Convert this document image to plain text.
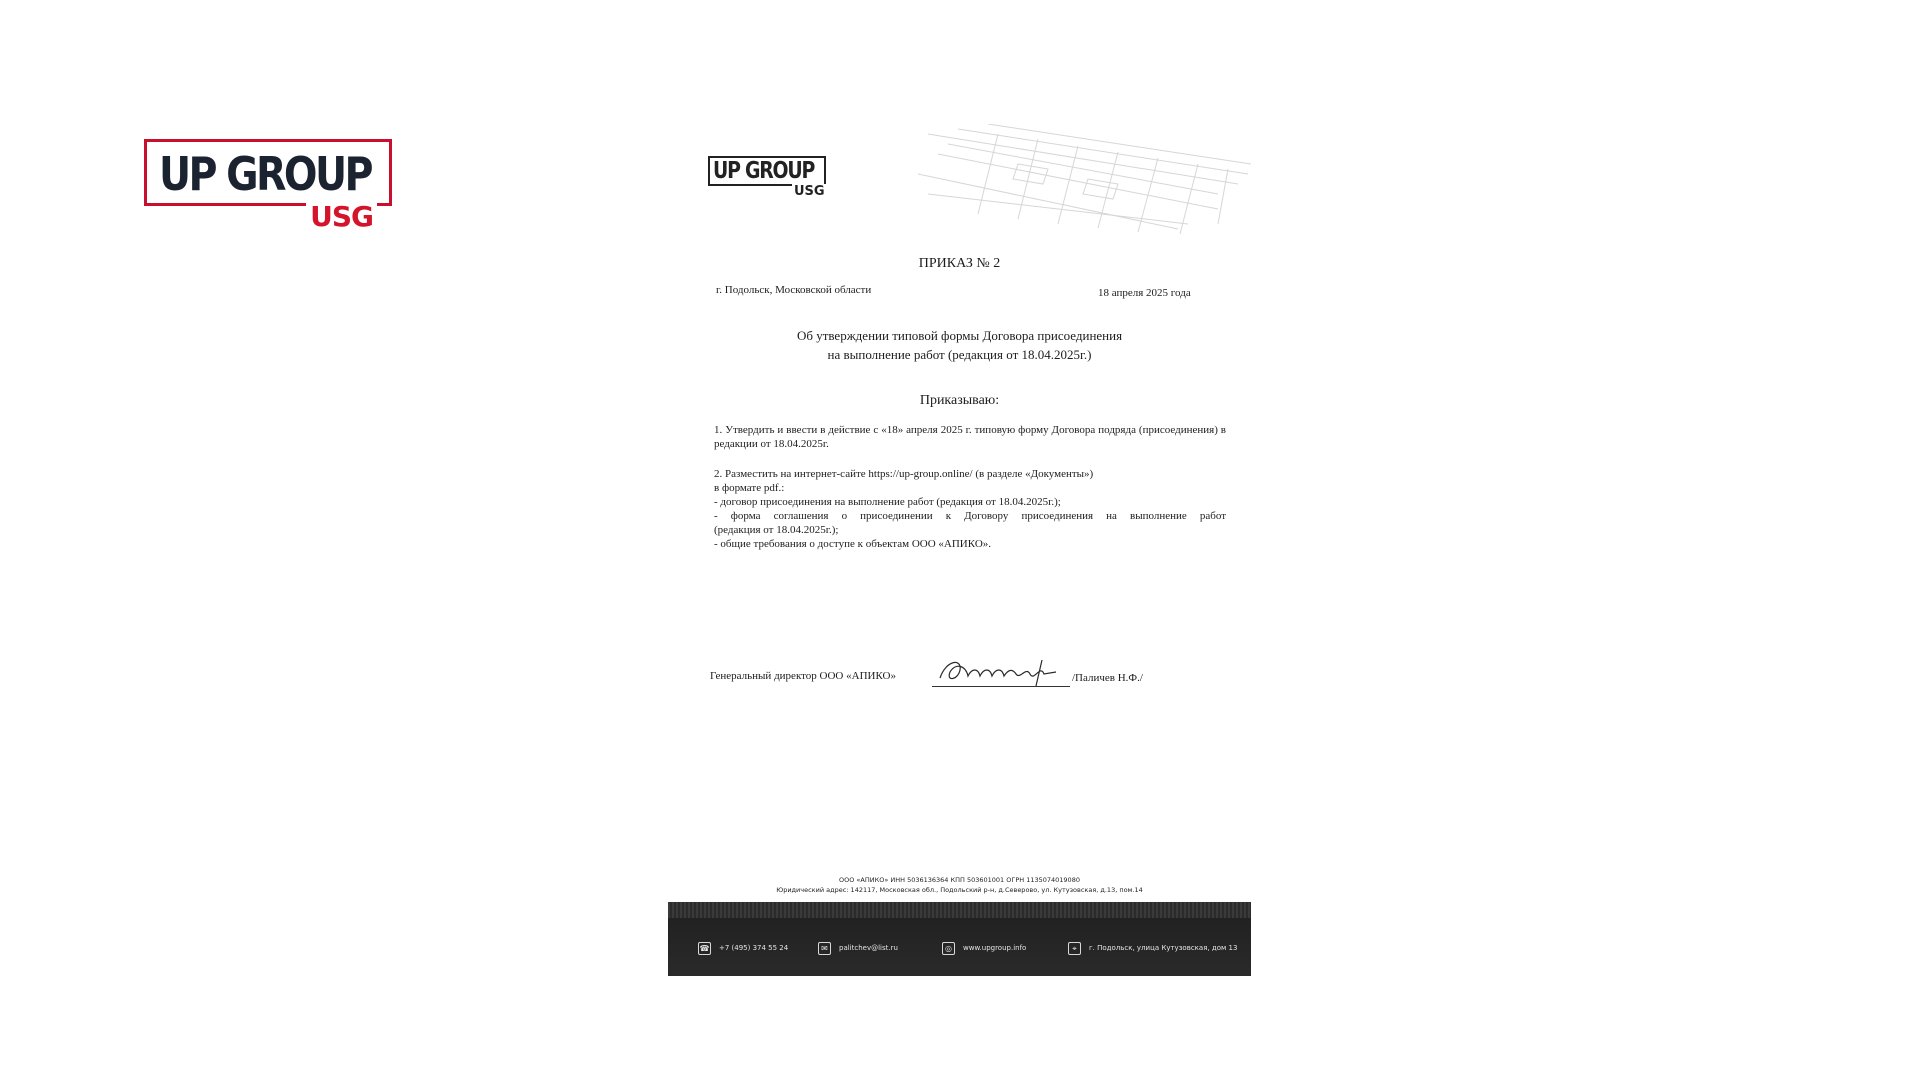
UP GROUP
USG
UP GROUP
USG
ПРИКАЗ № 2
г. Подольск, Московской области	18 апреля 2025 года
Об утверждении типовой формы Договора присоединения
на выполнение работ (редакция от 18.04.2025г.)
Приказываю:
1. Утвердить и ввести в действие с «18» апреля 2025 г. типовую форму Договора подряда (присоединения) в редакции от 18.04.2025г.
2. Разместить на интернет-сайте https://up-group.online/ (в разделе «Документы»)
в формате pdf.:
- договор присоединения на выполнение работ (редакция от 18.04.2025г.);
- форма соглашения о присоединении к Договору присоединения на выполнение работ
(редакция от 18.04.2025г.);
- общие требования о доступе к объектам ООО «АПИКО».
Генеральный директор ООО «АПИКО»	/Паличев Н.Ф./
ООО «АПИКО» ИНН 5036136364 КПП 503601001 ОГРН 1135074019080
Юридический адрес: 142117, Московская обл., Подольский р-н, д.Северово, ул. Кутузовская, д.13, пом.14
☎ +7 (495) 374 55 24	✉	palitchev@list.ru	◎	www.upgroup.info	⌖	г. Подольск, улица Кутузовская, дом 13
